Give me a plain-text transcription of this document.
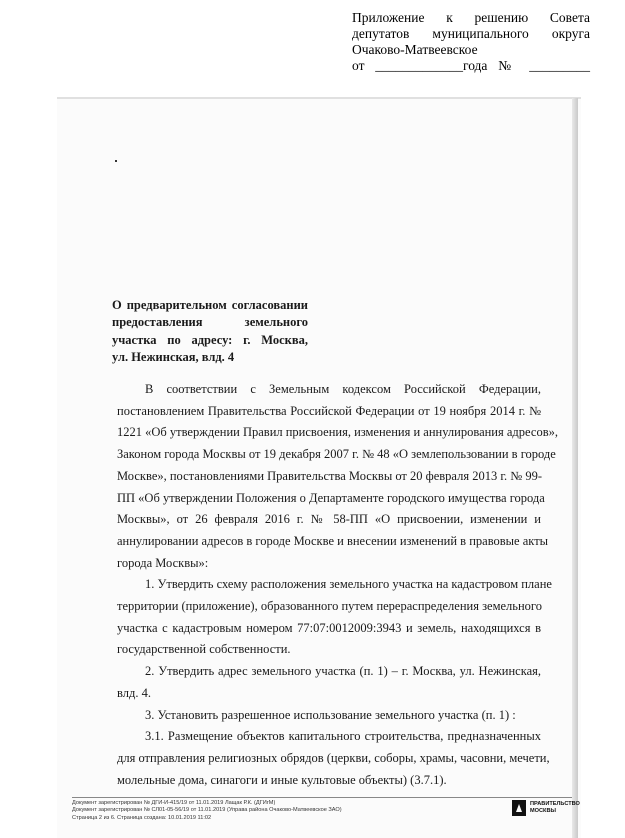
Приложение к решению Совета
депутатов муниципального округа
Очаково-Матвеевское
от _____________года № _________
О предварительном согласовании
предоставления земельного
участка по адресу: г. Москва,
ул. Нежинская, влд. 4
В соответствии с Земельным кодексом Российской Федерации,
постановлением Правительства Российской Федерации от 19 ноября 2014 г. №
1221 «Об утверждении Правил присвоения, изменения и аннулирования адресов»,
Законом города Москвы от 19 декабря 2007 г. № 48 «О землепользовании в городе
Москве», постановлениями Правительства Москвы от 20 февраля 2013 г. № 99-
ПП «Об утверждении Положения о Департаменте городского имущества города
Москвы», от 26 февраля 2016 г. № 58-ПП «О присвоении, изменении и
аннулировании адресов в городе Москве и внесении изменений в правовые акты
города Москвы»:
1. Утвердить схему расположения земельного участка на кадастровом плане
территории (приложение), образованного путем перераспределения земельного
участка с кадастровым номером 77:07:0012009:3943 и земель, находящихся в
государственной собственности.
2. Утвердить адрес земельного участка (п. 1) – г. Москва, ул. Нежинская,
влд. 4.
3. Установить разрешенное использование земельного участка (п. 1) :
3.1. Размещение объектов капитального строительства, предназначенных
для отправления религиозных обрядов (церкви, соборы, храмы, часовни, мечети,
молельные дома, синагоги и иные культовые объекты) (3.7.1).
Документ зарегистрирован № ДГИ-И-415/19 от 11.01.2019 Лащак Р.К. (ДГИгМ)
Документ зарегистрирован № СЛ01-05-56/19 от 11.01.2019 (Управа района Очаково-Матвеевское ЗАО)
Страница 2 из 6. Страница создана: 10.01.2019 11:02
ПРАВИТЕЛЬСТВО
МОСКВЫ
